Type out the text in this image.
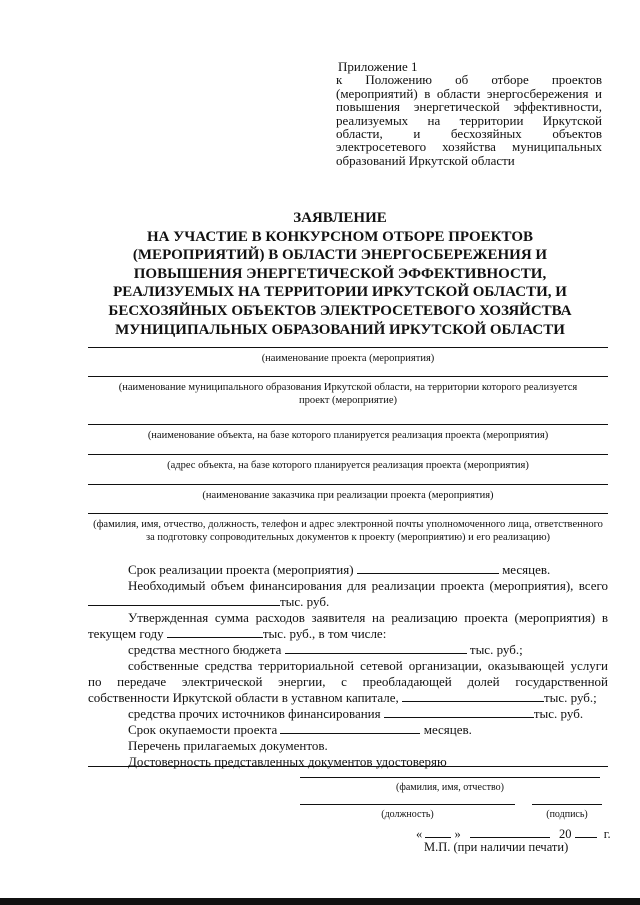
Приложение 1
к Положению об отборе проектов (мероприятий) в области энергосбережения и повышения энергетической эффективности, реализуемых на территории Иркутской области, и бесхозяйных объектов электросетевого хозяйства муниципальных образований Иркутской области
ЗАЯВЛЕНИЕ
НА УЧАСТИЕ В КОНКУРСНОМ ОТБОРЕ ПРОЕКТОВ
(МЕРОПРИЯТИЙ) В ОБЛАСТИ ЭНЕРГОСБЕРЕЖЕНИЯ И
ПОВЫШЕНИЯ ЭНЕРГЕТИЧЕСКОЙ ЭФФЕКТИВНОСТИ,
РЕАЛИЗУЕМЫХ НА ТЕРРИТОРИИ ИРКУТСКОЙ ОБЛАСТИ, И
БЕСХОЗЯЙНЫХ ОБЪЕКТОВ ЭЛЕКТРОСЕТЕВОГО ХОЗЯЙСТВА
МУНИЦИПАЛЬНЫХ ОБРАЗОВАНИЙ ИРКУТСКОЙ ОБЛАСТИ
(наименование проекта (мероприятия)
(наименование муниципального образования Иркутской области, на территории которого реализуется проект (мероприятие)
(наименование объекта, на базе которого планируется реализация проекта (мероприятия)
(адрес объекта, на базе которого планируется реализация проекта (мероприятия)
(наименование заказчика при реализации проекта (мероприятия)
(фамилия, имя, отчество, должность, телефон и адрес электронной почты уполномоченного лица, ответственного за подготовку сопроводительных документов к проекту (мероприятию) и его реализацию)
Срок реализации проекта (мероприятия)	месяцев.
Необходимый объем финансирования для реализации проекта (мероприятия), всего
тыс. руб.
Утвержденная сумма расходов заявителя на реализацию проекта (мероприятия) в
текущем году	тыс. руб., в том числе:
средства местного бюджета	тыс. руб.;
собственные средства территориальной сетевой организации, оказывающей услуги
по передаче электрической энергии, с преобладающей долей государственной
собственности Иркутской области в уставном капитале,	тыс. руб.;
средства прочих источников финансирования	тыс. руб.
Срок окупаемости проекта	месяцев.
Перечень прилагаемых документов.
Достоверность представленных документов удостоверяю
(фамилия, имя, отчество)
(должность)	(подпись)
«	»	20	г.
М.П. (при наличии печати)
